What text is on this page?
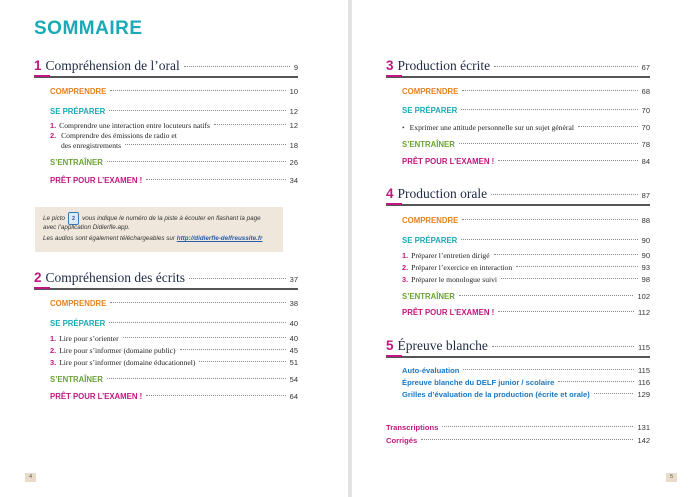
SOMMAIRE
1 Compréhension de l’oral	9
COMPRENDRE	10
SE PRÉPARER	12
1. Comprendre une interaction entre locuteurs natifs	12
2. Comprendre des émissions de radio et
des enregistrements	18
S’ENTRAÎNER	26
PRÊT POUR L’EXAMEN !	34
Le picto	2	vous indique le numéro de la piste à écouter en flashant la page
avec l’application Didierfle.app.
Les audios sont également téléchargeables sur http://didierfle-delfreussite.fr
2 Compréhension des écrits	37
COMPRENDRE	38
SE PRÉPARER	40
1. Lire pour s’orienter	40
2. Lire pour s’informer (domaine public)	45
3. Lire pour s’informer (domaine éducationnel)	51
S’ENTRAÎNER	54
PRÊT POUR L’EXAMEN !	64
4
3 Production écrite	67
COMPRENDRE	68
SE PRÉPARER	70
• Exprimer une attitude personnelle sur un sujet général	70
S’ENTRAÎNER	78
PRÊT POUR L’EXAMEN !	84
4 Production orale	87
COMPRENDRE	88
SE PRÉPARER	90
1. Préparer l’entretien dirigé	90
2. Préparer l’exercice en interaction	93
3. Préparer le monologue suivi	98
S’ENTRAÎNER	102
PRÊT POUR L’EXAMEN !	112
5 Épreuve blanche	115
Auto-évaluation	115
Épreuve blanche du DELF junior / scolaire	116
Grilles d’évaluation de la production (écrite et orale)	129
Transcriptions	131
Corrigés	142
5
